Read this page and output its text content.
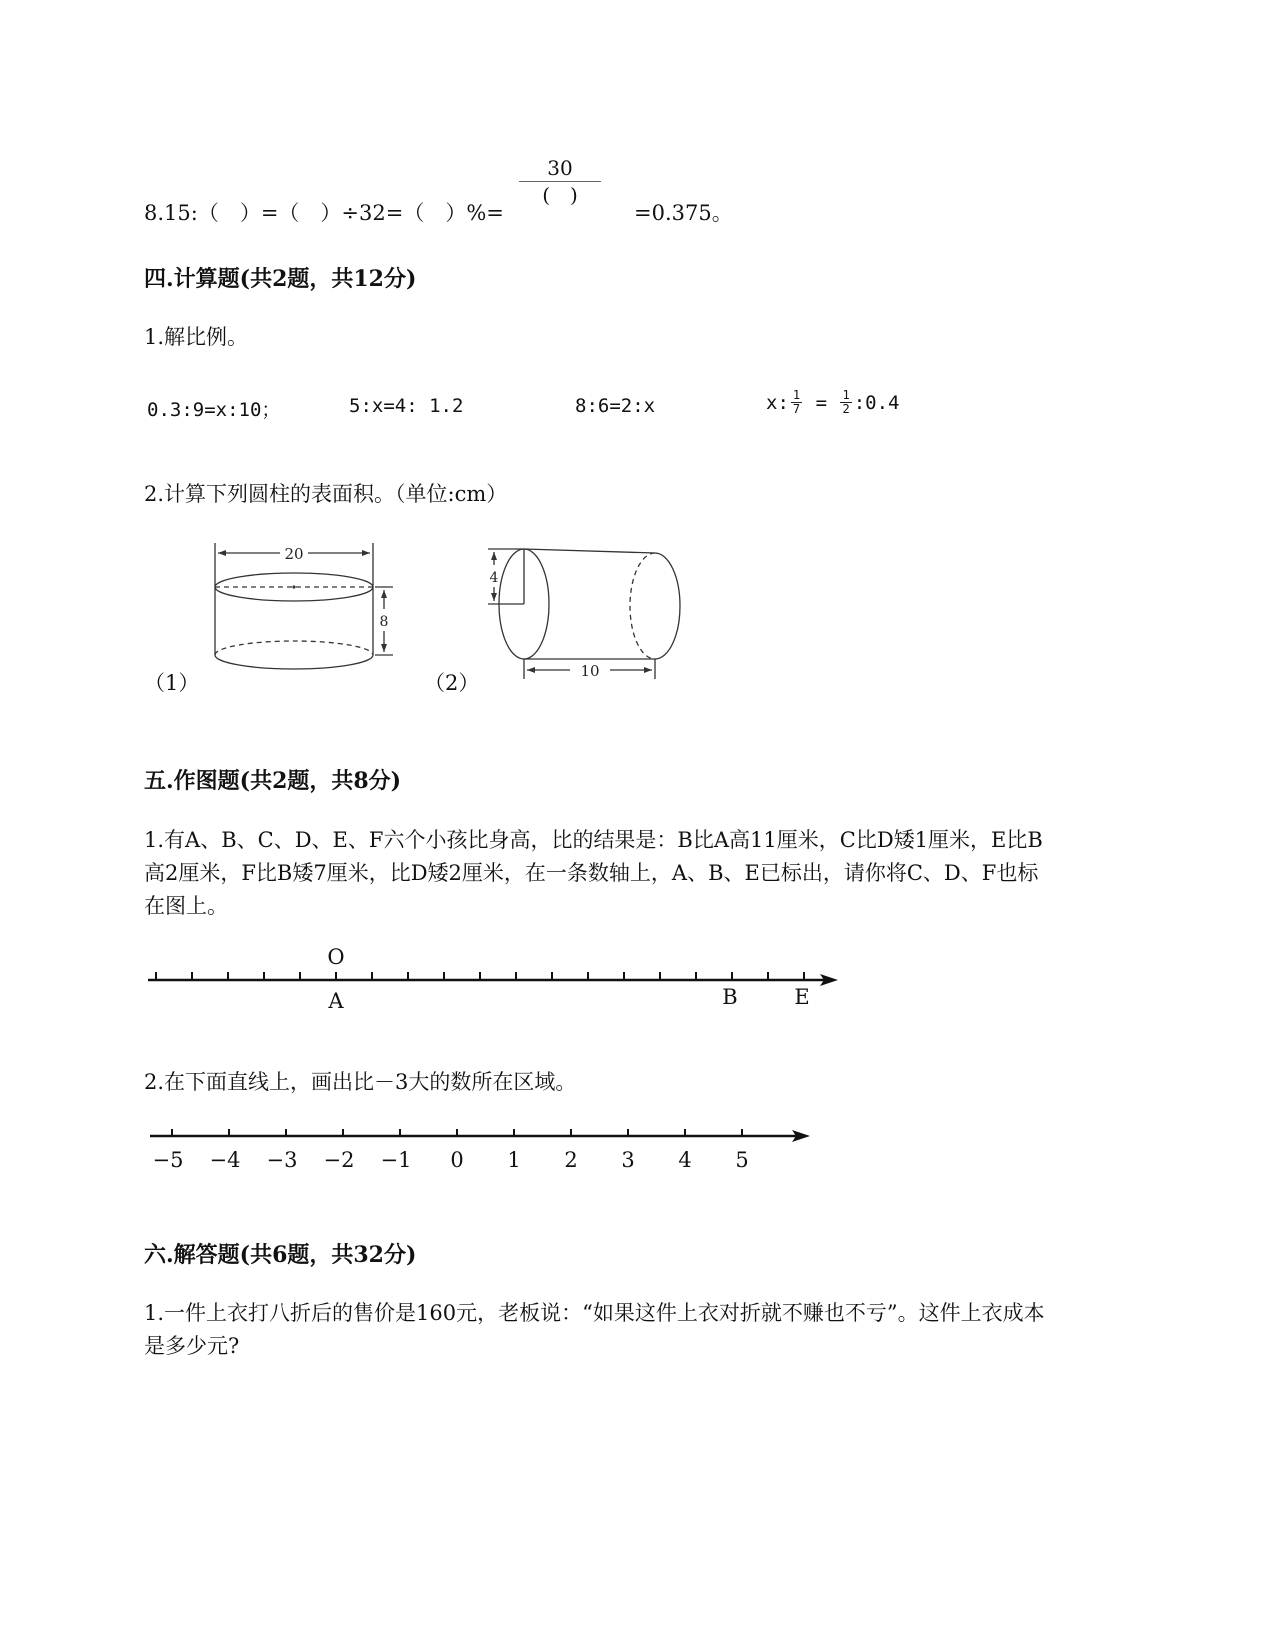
8.15:（　）=（　）÷32=（　）%=
30
(　)
=0.375。
四.计算题(共2题，共12分)
1.解比例。
0.3:9=x:10；	5:x=4: 1.2	8:6=2:x	x: $\frac{1}{7} = \frac{1}{2}$ :0.4
2.计算下列圆柱的表面积。（单位:cm）
20
8
（1）
4
10
（2）
五.作图题(共2题，共8分)
1.有A、B、C、D、E、F六个小孩比身高，比的结果是：B比A高11厘米，C比D矮1厘米，E比B高2厘米，F比B矮7厘米，比D矮2厘米，在一条数轴上，A、B、E已标出，请你将C、D、F也标在图上。
O
A	B	E
2.在下面直线上，画出比－3大的数所在区域。
−5 −4 −3 −2 −1 0 1 2 3 4 5
六.解答题(共6题，共32分)
1.一件上衣打八折后的售价是160元，老板说：“如果这件上衣对折就不赚也不亏”。这件上衣成本是多少元?
